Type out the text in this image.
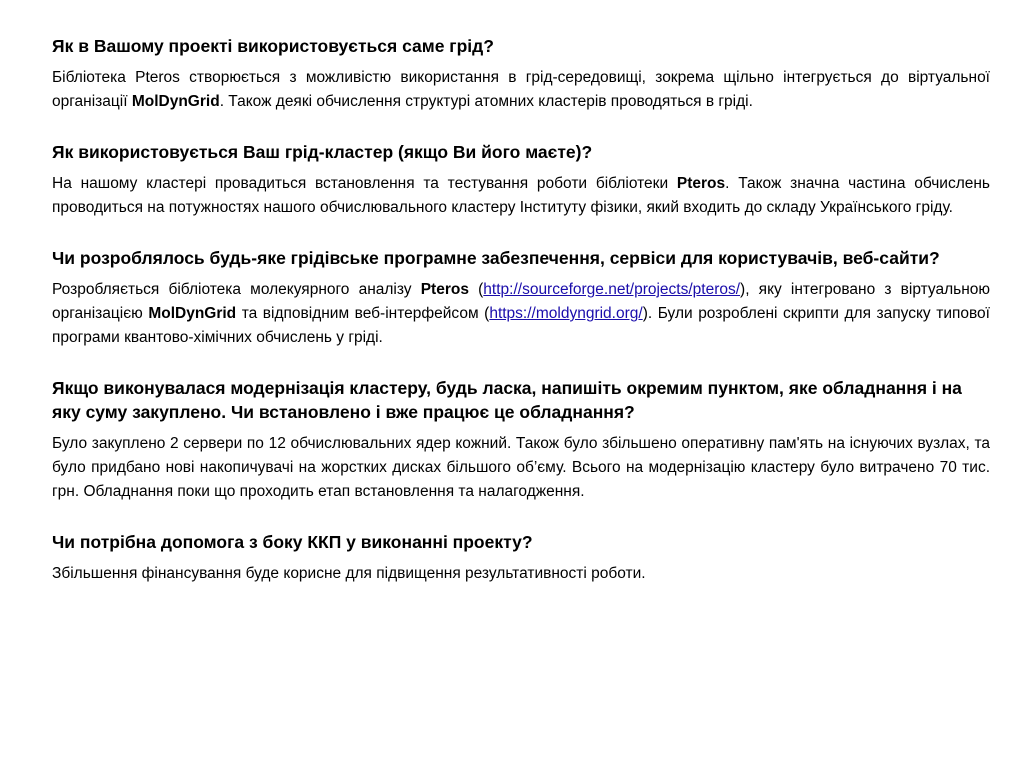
Як в Вашому проекті використовується саме грід?

Бібліотека Pteros створюється з можливістю використання в грід-середовищі, зокрема щільно інтегрується до віртуальної організації MolDynGrid. Також деякі обчислення структурі атомних кластерів проводяться в гріді.

Як використовується Ваш грід-кластер (якщо Ви його маєте)?

На нашому кластері провадиться встановлення та тестування роботи бібліотеки Pteros. Також значна частина обчислень проводиться на потужностях нашого обчислювального кластеру Інституту фізики, який входить до складу Українського гріду.

Чи розроблялось будь-яке грідівське програмне забезпечення, сервіси для користувачів, веб-сайти?

Розробляється бібліотека молекуярного аналізу Pteros (http://sourceforge.net/projects/pteros/), яку інтегровано з віртуальною організацією MolDynGrid та відповідним веб-інтерфейсом (https://moldyngrid.org/). Були розроблені скрипти для запуску типової програми квантово-хімічних обчислень у гріді.

Якщо виконувалася модернізація кластеру, будь ласка, напишіть окремим пунктом, яке обладнання і на яку суму закуплено. Чи встановлено і вже працює це обладнання?

Було закуплено 2 сервери по 12 обчислювальних ядер кожний. Також було збільшено оперативну пам'ять на існуючих вузлах, та було придбано нові накопичувачі на жорстких дисках більшого об’єму. Всього на модернізацію кластеру було витрачено 70 тис. грн. Обладнання поки що проходить етап встановлення та налагодження.

Чи потрібна допомога з боку ККП у виконанні проекту?

Збільшення фінансування буде корисне для підвищення результативності роботи.
